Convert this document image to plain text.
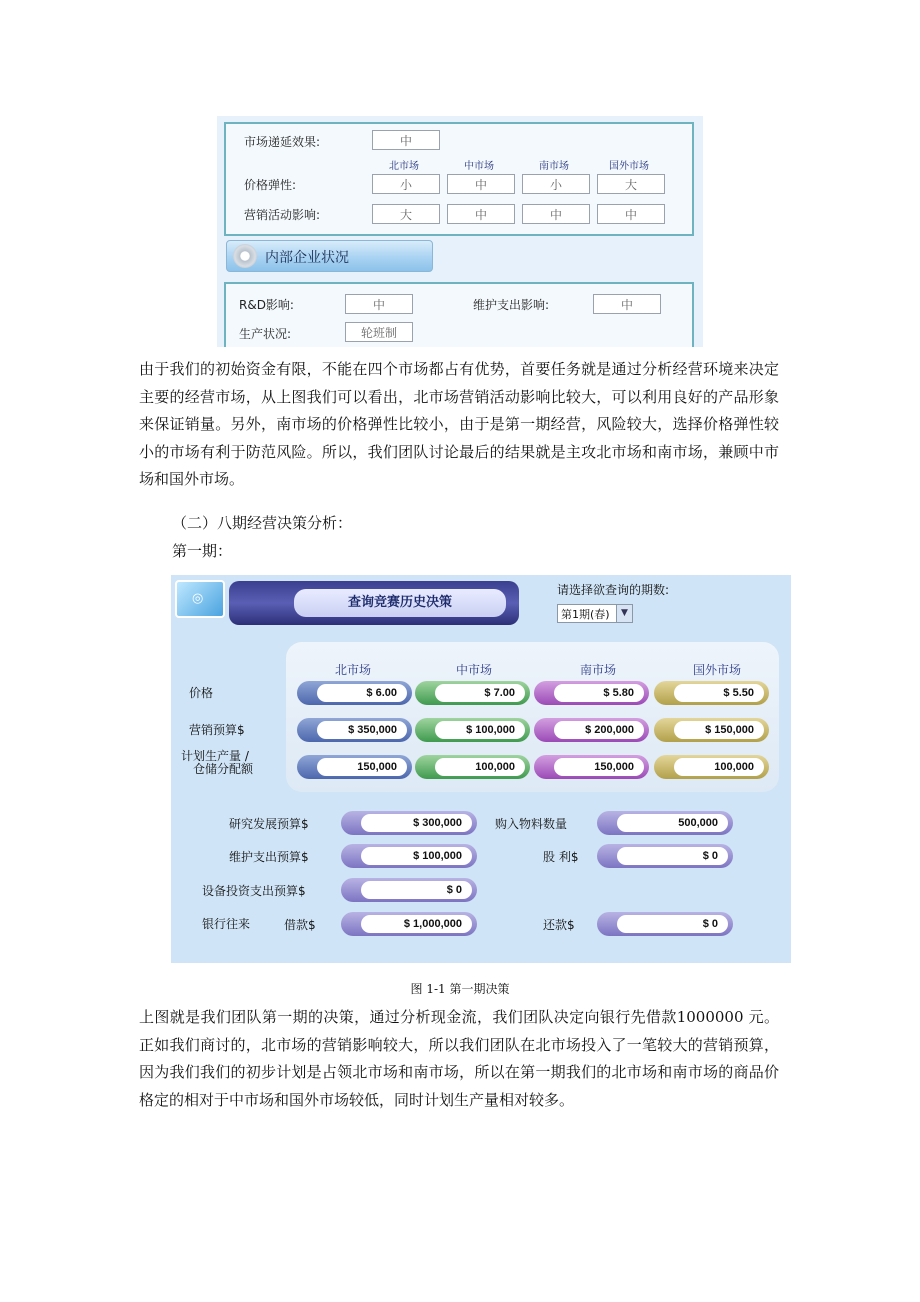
市场递延效果:	中
北市场	中市场	南市场	国外市场
价格弹性:	小	中	小	大
营销活动影响:	大	中	中	中
内部企业状况
R&D影响:	中	维护支出影响:	中
生产状况:	轮班制

由于我们的初始资金有限，不能在四个市场都占有优势，首要任务就是通过分析经营环境来决定主要的经营市场，从上图我们可以看出，北市场营销活动影响比较大，可以利用良好的产品形象来保证销量。另外，南市场的价格弹性比较小，由于是第一期经营，风险较大，选择价格弹性较小的市场有利于防范风险。所以，我们团队讨论最后的结果就是主攻北市场和南市场，兼顾中市场和国外市场。

（二）八期经营决策分析：
第一期：
查询竞赛历史决策
◎
请选择欲查询的期数:
第1期(春)	▼
北市场	中市场	南市场	国外市场
价格	$ 6.00	$ 7.00	$ 5.80	$ 5.50
营销预算$	$ 350,000	$ 100,000	$ 200,000	$ 150,000
计划生产量 /
仓储分配额	150,000	100,000	150,000	100,000
研究发展预算$	$ 300,000	购入物料数量	500,000
维护支出预算$	$ 100,000	股 利$	$ 0
设备投资支出预算$	$ 0
银行往来	借款$	$ 1,000,000	还款$	$ 0
图 1-1 第一期决策

上图就是我们团队第一期的决策，通过分析现金流，我们团队决定向银行先借款1000000 元。正如我们商讨的，北市场的营销影响较大，所以我们团队在北市场投入了一笔较大的营销预算，因为我们我们的初步计划是占领北市场和南市场，所以在第一期我们的北市场和南市场的商品价格定的相对于中市场和国外市场较低，同时计划生产量相对较多。
